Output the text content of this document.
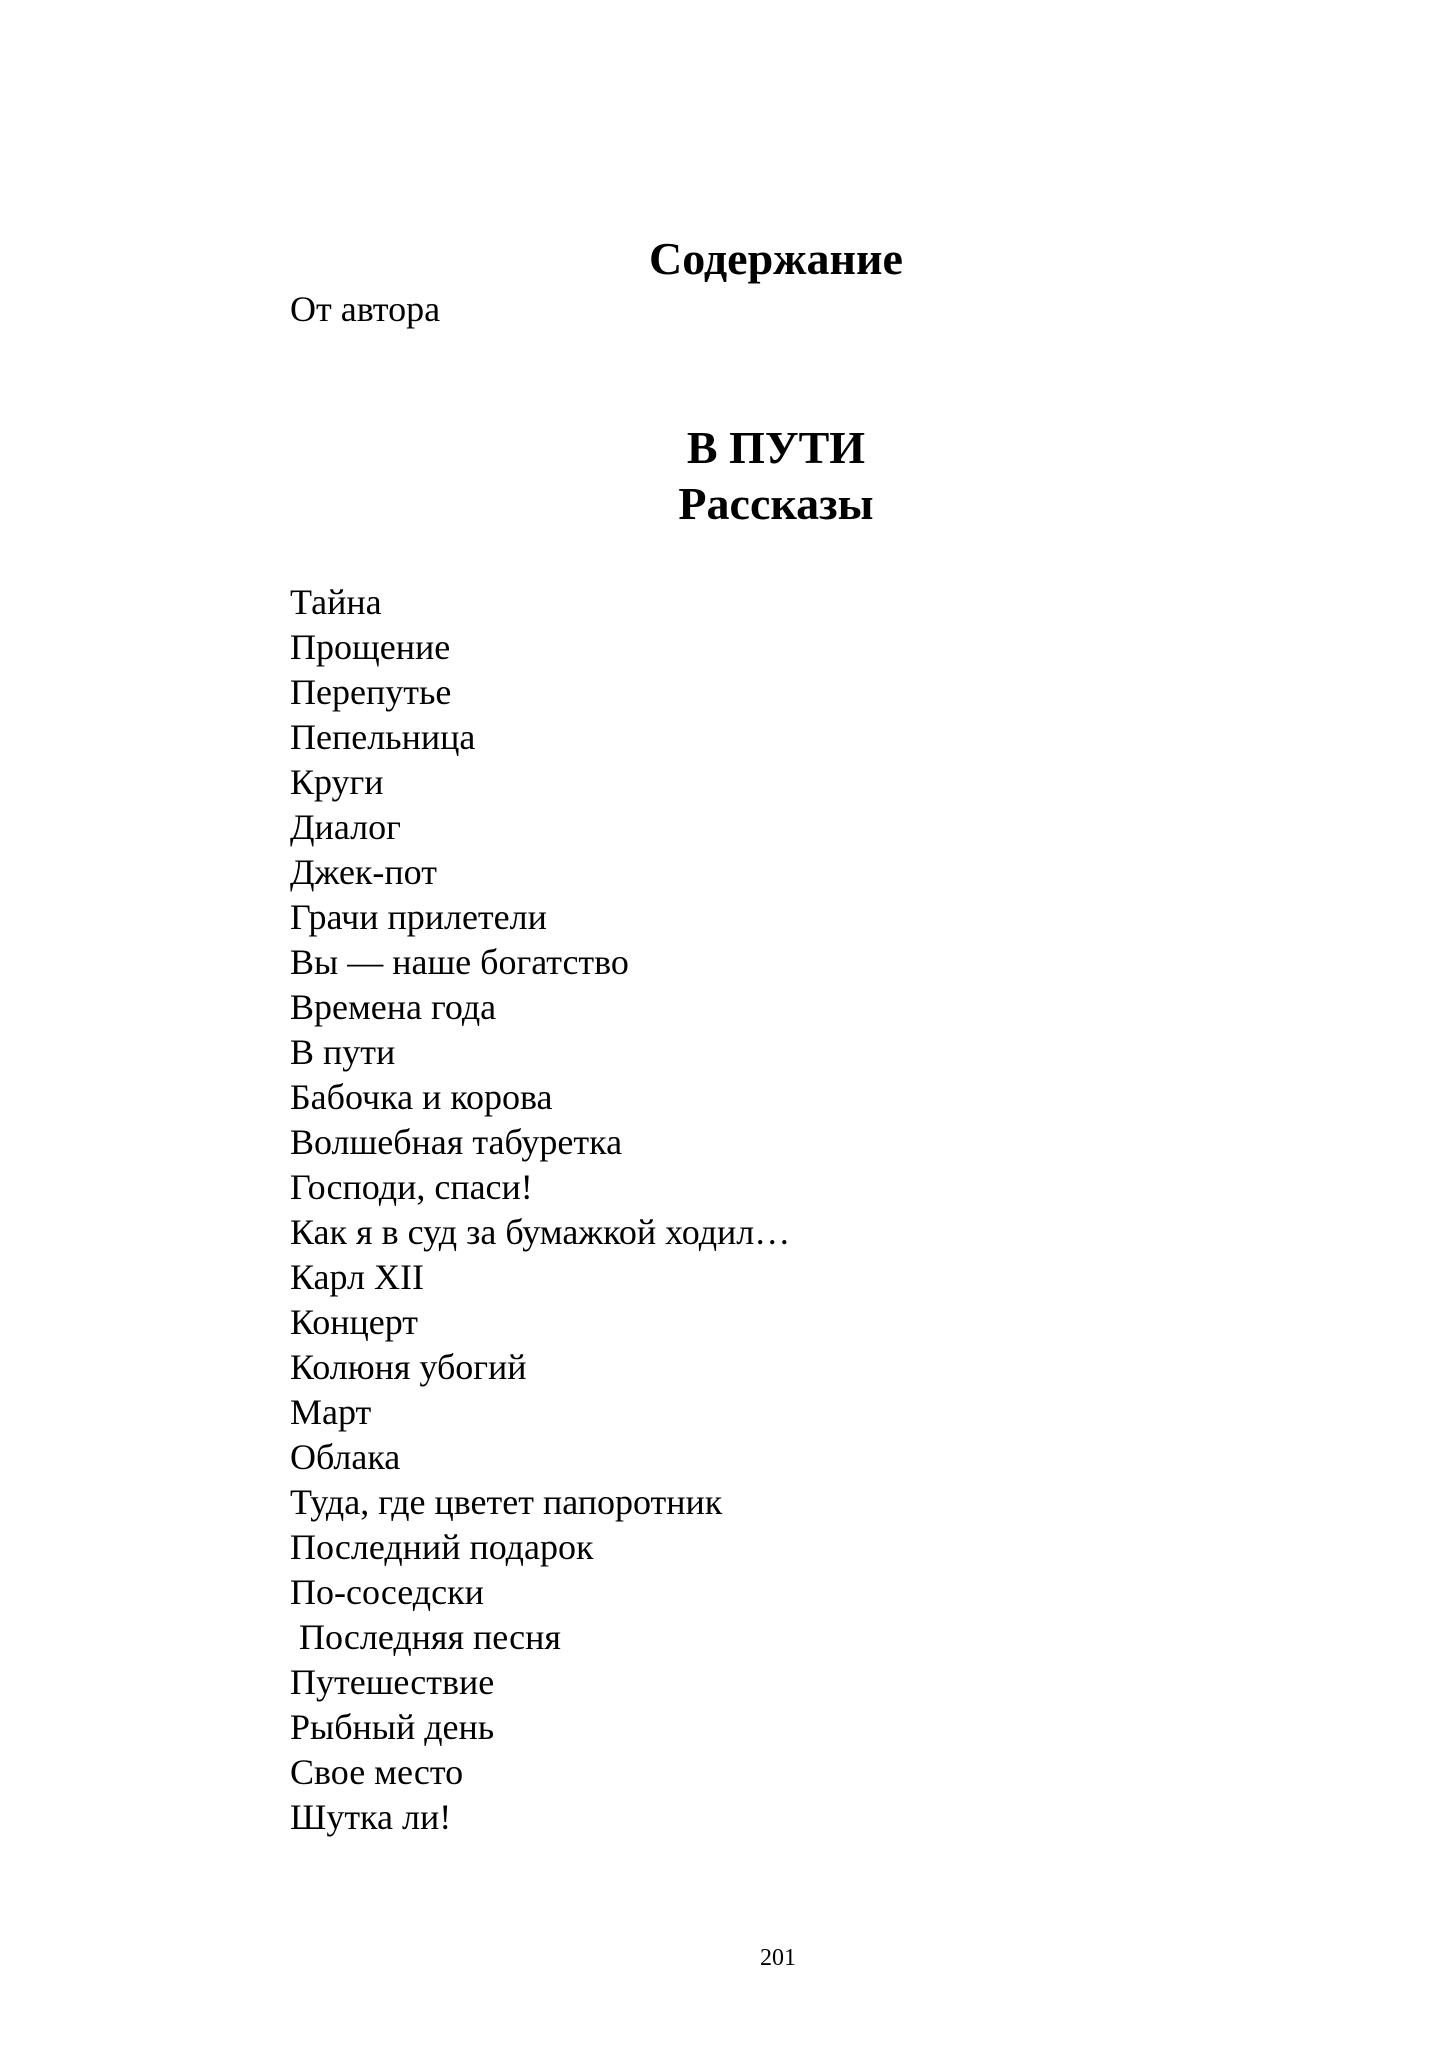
Содержание
От автора
В ПУТИ
Рассказы
Тайна
Прощение
Перепутье
Пепельница
Круги
Диалог
Джек-пот
Грачи прилетели
Вы — наше богатство
Времена года
В пути
Бабочка и корова
Волшебная табуретка
Господи, спаси!
Как я в суд за бумажкой ходил…
Карл XII
Концерт
Колюня убогий
Март
Облака
Туда, где цветет папоротник
Последний подарок
По-соседски
Последняя песня
Путешествие
Рыбный день
Свое место
Шутка ли!
201
